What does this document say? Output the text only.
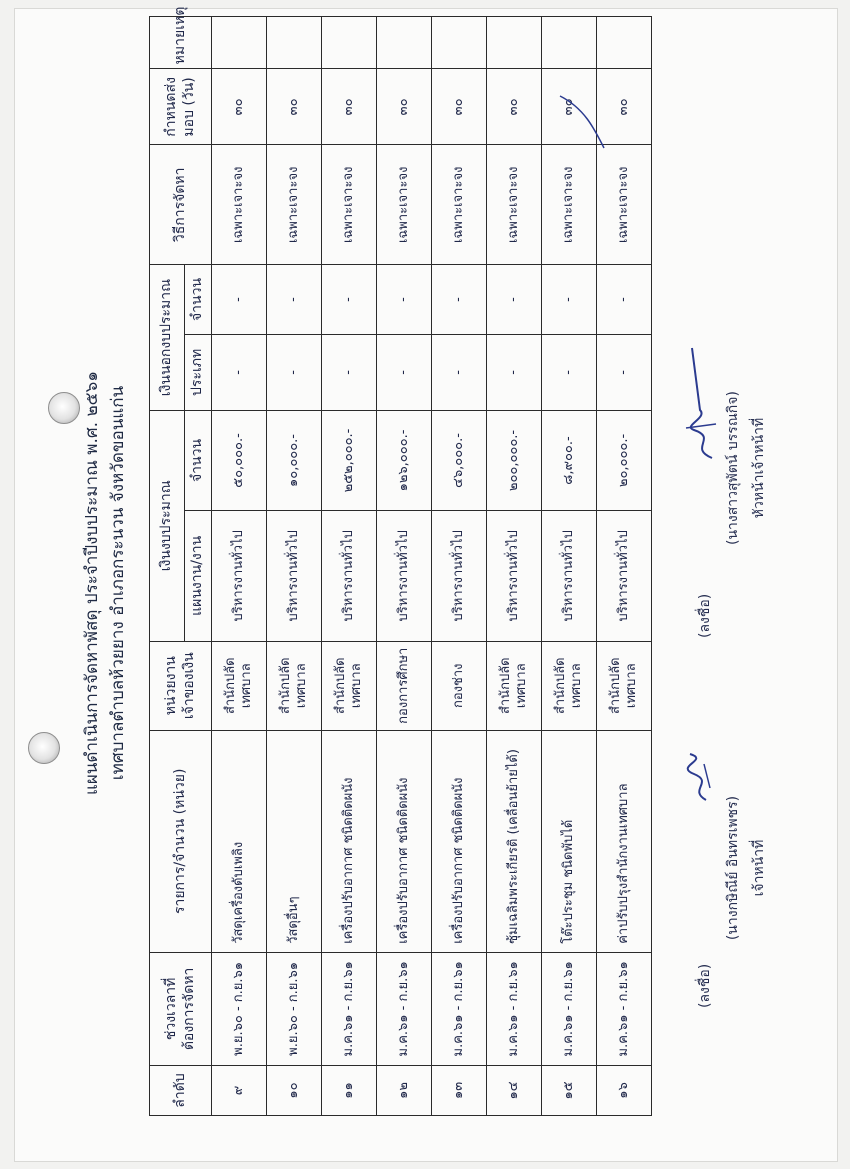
แผนดำเนินการจัดหาพัสดุ ประจำปีงบประมาณ พ.ศ. ๒๕๖๑ เทศบาลตำบลห้วยยาง อำเภอกระนวน จังหวัดขอนแก่น
ลำดับ	ช่วงเวลาที่ต้องการจัดหา	รายการ/จำนวน (หน่วย)	หน่วยงานเจ้าของเงิน	เงินงบประมาณ		เงินนอกงบประมาณ		วิธีการจัดหา	กำหนดส่งมอบ (วัน)	หมายเหตุ
				แผนงาน/งาน	จำนวน	ประเภท	จำนวน			
๙	พ.ย.๖๐ - ก.ย.๖๑	วัสดุเครื่องดับเพลิง	สำนักปลัดเทศบาล	บริหารงานทั่วไป	๕๐,๐๐๐.-	-	-	เฉพาะเจาะจง	๓๐	
๑๐	พ.ย.๖๐ - ก.ย.๖๑	วัสดุอื่นๆ	สำนักปลัดเทศบาล	บริหารงานทั่วไป	๑๐,๐๐๐.-	-	-	เฉพาะเจาะจง	๓๐	
๑๑	ม.ค.๖๑ - ก.ย.๖๑	เครื่องปรับอากาศ ชนิดติดผนัง	สำนักปลัดเทศบาล	บริหารงานทั่วไป	๒๕๒,๐๐๐.-	-	-	เฉพาะเจาะจง	๓๐	
๑๒	ม.ค.๖๑ - ก.ย.๖๑	เครื่องปรับอากาศ ชนิดติดผนัง	กองการศึกษา	บริหารงานทั่วไป	๑๒๖,๐๐๐.-	-	-	เฉพาะเจาะจง	๓๐	
๑๓	ม.ค.๖๑ - ก.ย.๖๑	เครื่องปรับอากาศ ชนิดติดผนัง	กองช่าง	บริหารงานทั่วไป	๔๖,๐๐๐.-	-	-	เฉพาะเจาะจง	๓๐	
๑๔	ม.ค.๖๑ - ก.ย.๖๑	ซุ้มเฉลิมพระเกียรติ (เคลื่อนย้ายได้)	สำนักปลัดเทศบาล	บริหารงานทั่วไป	๒๐๐,๐๐๐.-	-	-	เฉพาะเจาะจง	๓๐	
๑๕	ม.ค.๖๑ - ก.ย.๖๑	โต๊ะประชุม ชนิดพับได้	สำนักปลัดเทศบาล	บริหารงานทั่วไป	๘,๙๐๐.-	-	-	เฉพาะเจาะจง	๓๐	
๑๖	ม.ค.๖๑ - ก.ย.๖๑	ค่าปรับปรุงสำนักงานเทศบาล	สำนักปลัดเทศบาล	บริหารงานทั่วไป	๒๐,๐๐๐.-	-	-	เฉพาะเจาะจง	๓๐	
(ลงชื่อ)
(นางกษิณีย์ อินทรเพชร) เจ้าหน้าที่
(ลงชื่อ)
(นางสาวสุพัตน์ บรรณกิจ) หัวหน้าเจ้าหน้าที่
